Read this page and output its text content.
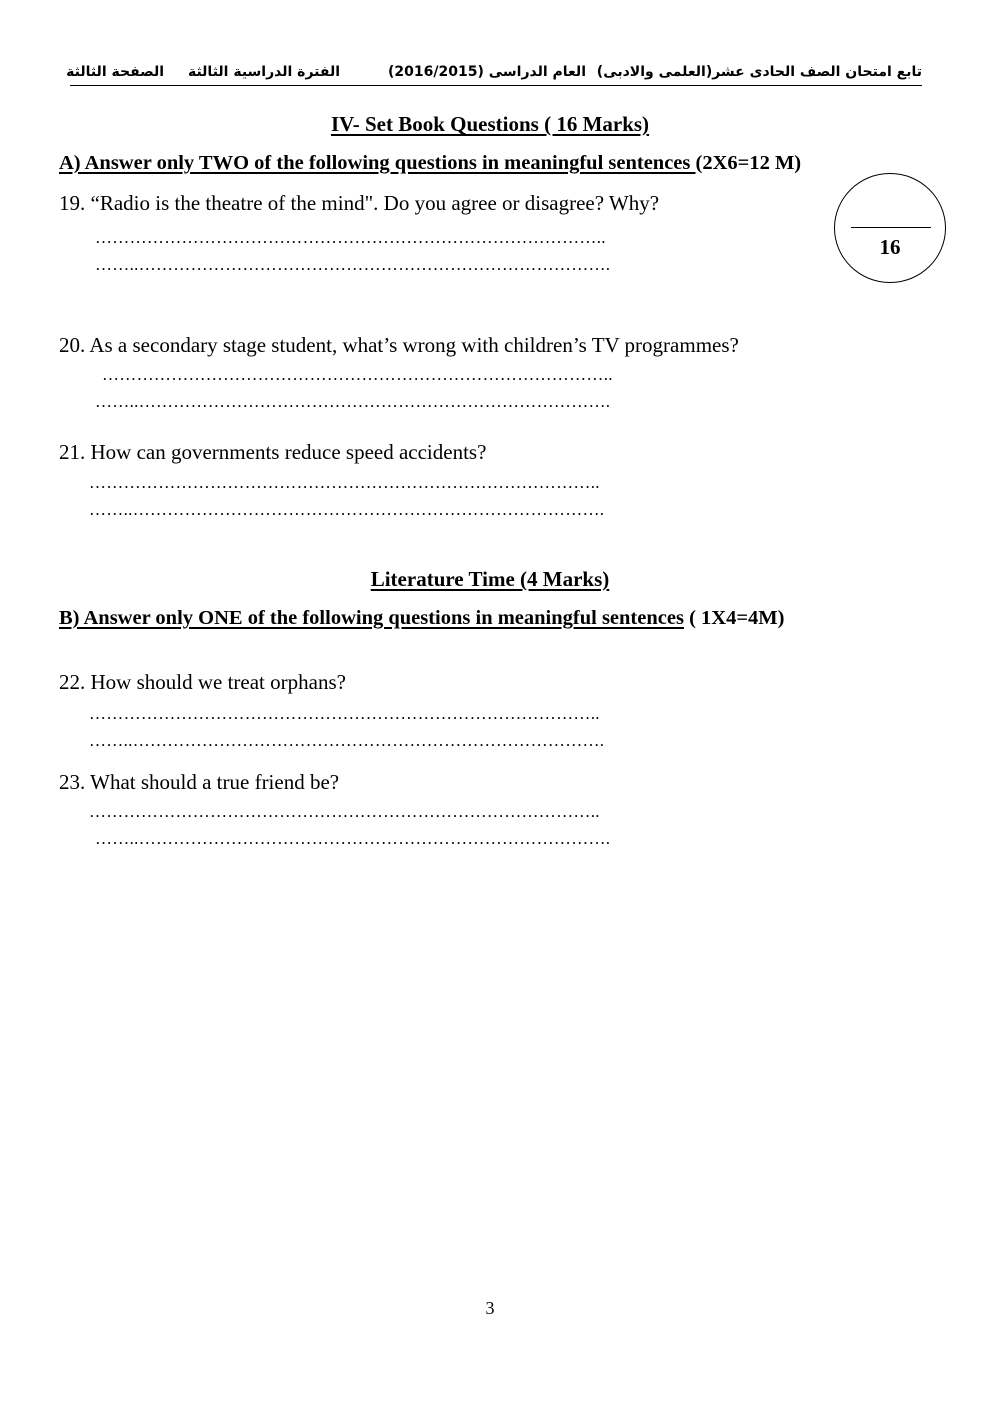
تابع امتحان الصف الحادى عشر(العلمى والادبى)
العام الدراسى (2016/2015)
الفترة الدراسية الثالثة
الصفحة الثالثة
IV- Set Book Questions ( 16 Marks)
A) Answer only TWO of the following questions in meaningful sentences (2X6=12 M)
16
19. “Radio is the theatre of the mind". Do you agree or disagree? Why?
……………………………………………………………………………..
……..……………………………………………………………………….
20. As a secondary stage student, what’s wrong with children’s TV programmes?
……………………………………………………………………………..
……..……………………………………………………………………….
21. How can governments reduce speed accidents?
……………………………………………………………………………..
……..……………………………………………………………………….
Literature Time (4 Marks)
B) Answer only ONE of the following questions in meaningful sentences ( 1X4=4M)
22. How should we treat orphans?
……………………………………………………………………………..
……..……………………………………………………………………….
23. What should a true friend be?
……………………………………………………………………………..
……..……………………………………………………………………….
3
